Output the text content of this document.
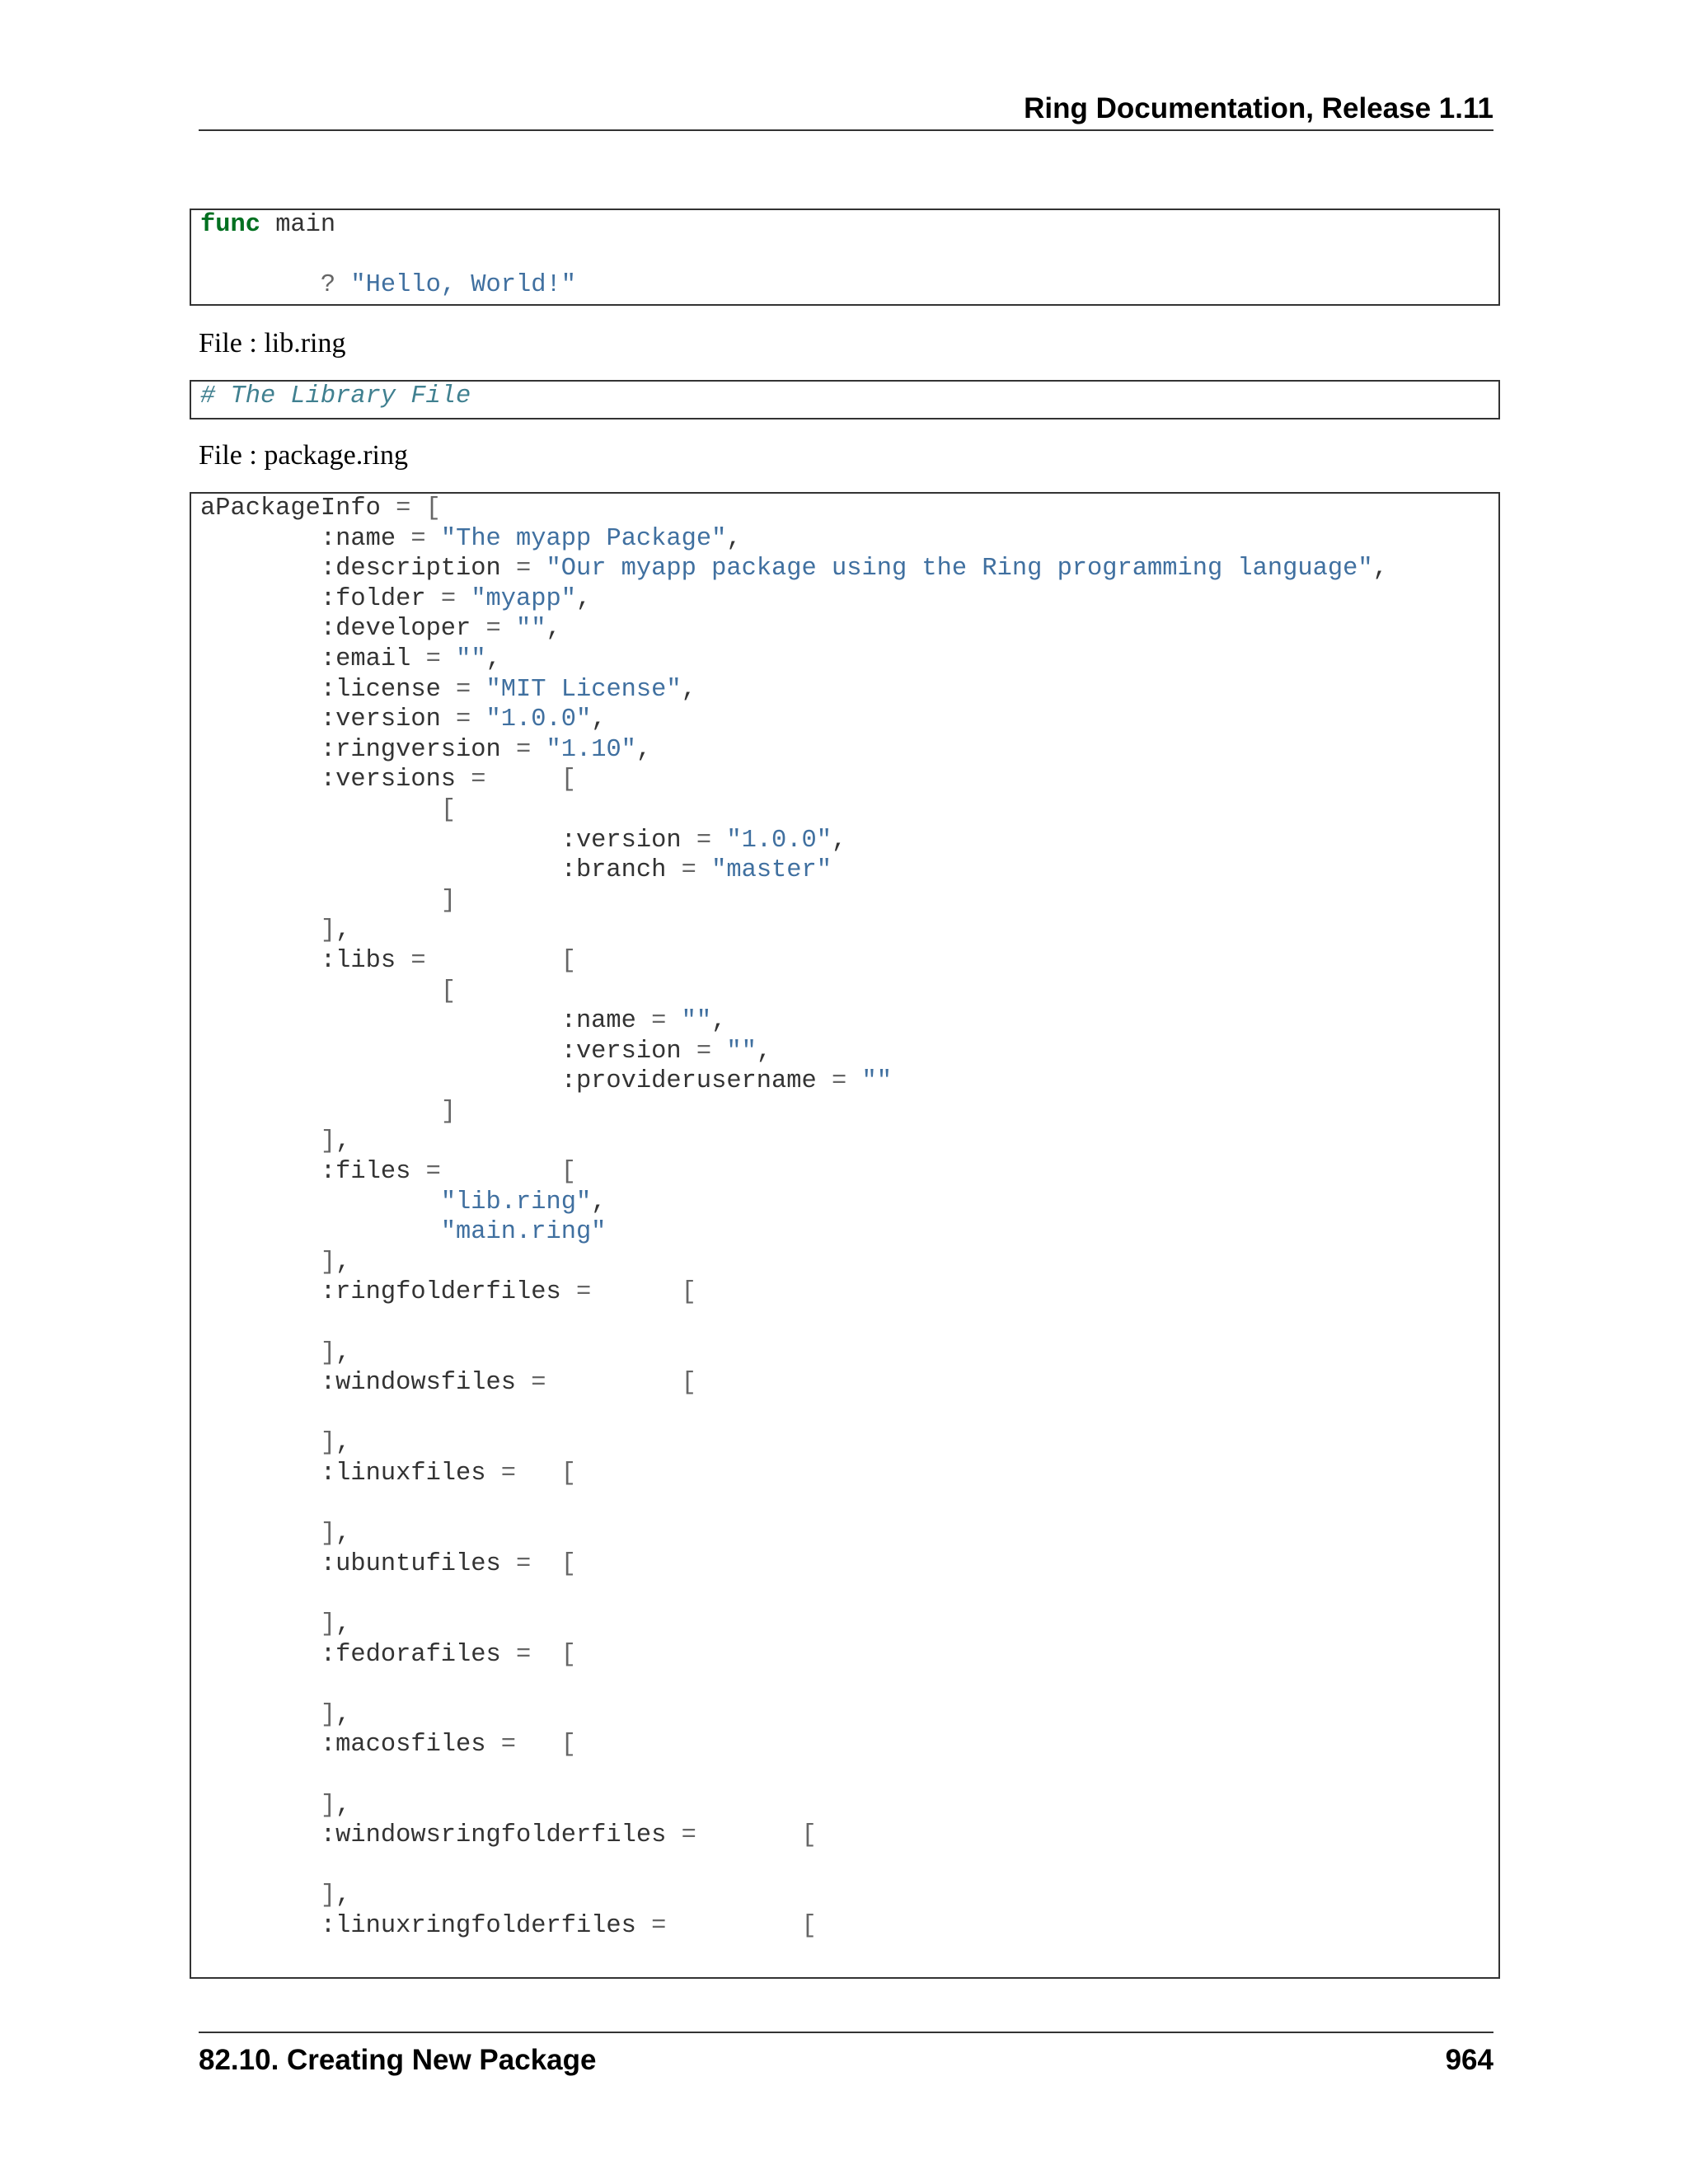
Ring Documentation, Release 1.11
func main

	? "Hello, World!"
File : lib.ring
# The Library File
File : package.ring
aPackageInfo = [
	:name = "The myapp Package",
	:description = "Our myapp package using the Ring programming language",
	:folder = "myapp",
	:developer = "",
	:email = "",
	:license = "MIT License",
	:version = "1.0.0",
	:ringversion = "1.10",
	:versions =		[
		[
			:version = "1.0.0",
			:branch = "master"
		]
	],
	:libs =		[
		[
			:name = "",
			:version = "",
			:providerusername = ""
		]
	],
	:files =		[
		"lib.ring",
		"main.ring"
	],
	:ringfolderfiles =		[

	],
	:windowsfiles =		[

	],
	:linuxfiles =	[

	],
	:ubuntufiles =	[

	],
	:fedorafiles =	[

	],
	:macosfiles =	[

	],
	:windowsringfolderfiles =		[

	],
	:linuxringfolderfiles =		[
82.10. Creating New Package	964
